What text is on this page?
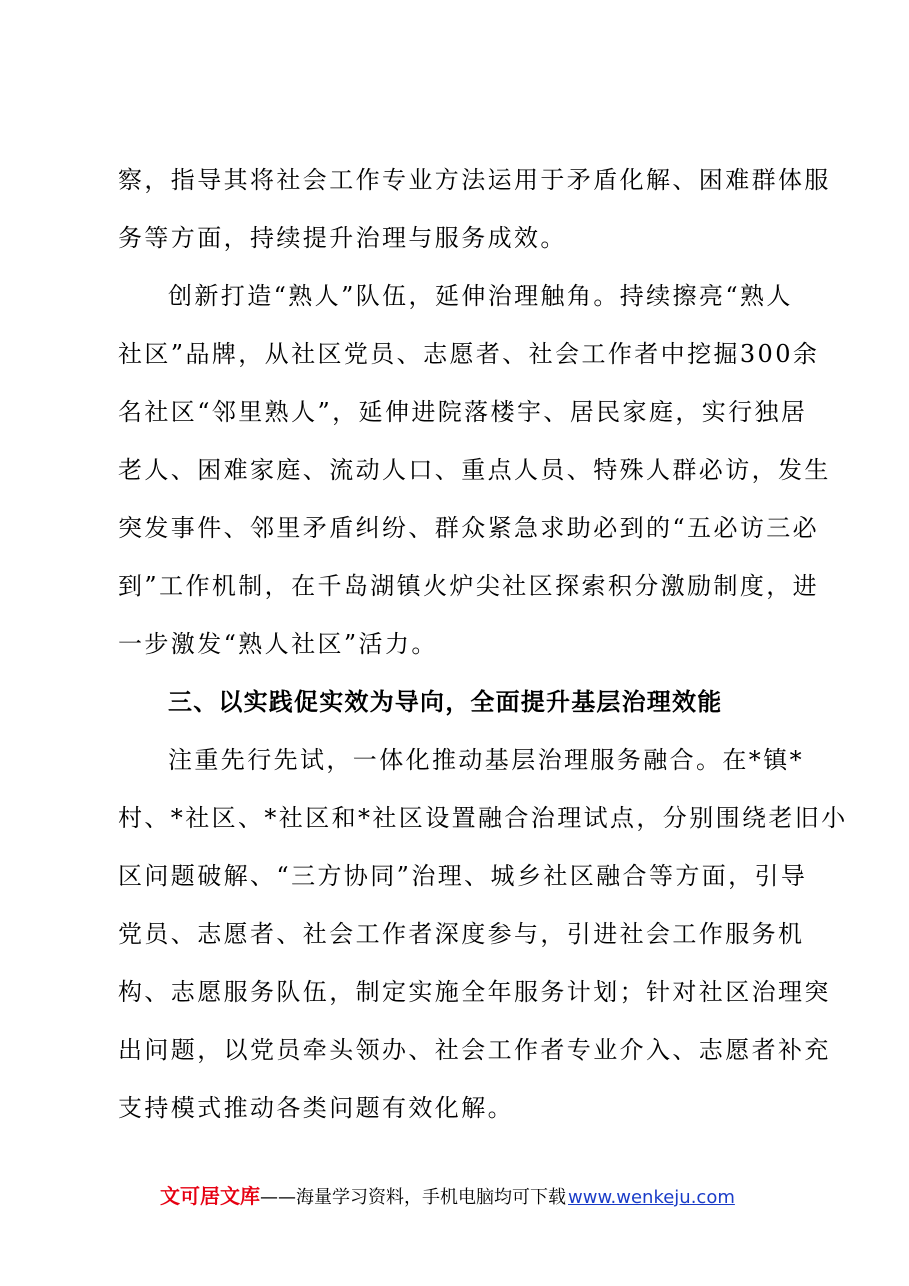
察，指导其将社会工作专业方法运用于矛盾化解、困难群体服
务等方面，持续提升治理与服务成效。
创新打造“熟人”队伍，延伸治理触角。持续擦亮“熟人
社区”品牌，从社区党员、志愿者、社会工作者中挖掘300余
名社区“邻里熟人”，延伸进院落楼宇、居民家庭，实行独居
老人、困难家庭、流动人口、重点人员、特殊人群必访，发生
突发事件、邻里矛盾纠纷、群众紧急求助必到的“五必访三必
到”工作机制，在千岛湖镇火炉尖社区探索积分激励制度，进
一步激发“熟人社区”活力。
三、以实践促实效为导向，全面提升基层治理效能
注重先行先试，一体化推动基层治理服务融合。在*镇*
村、*社区、*社区和*社区设置融合治理试点，分别围绕老旧小
区问题破解、“三方协同”治理、城乡社区融合等方面，引导
党员、志愿者、社会工作者深度参与，引进社会工作服务机
构、志愿服务队伍，制定实施全年服务计划；针对社区治理突
出问题，以党员牵头领办、社会工作者专业介入、志愿者补充
支持模式推动各类问题有效化解。
文可居文库——海量学习资料，手机电脑均可下载 www.wenkeju.com
